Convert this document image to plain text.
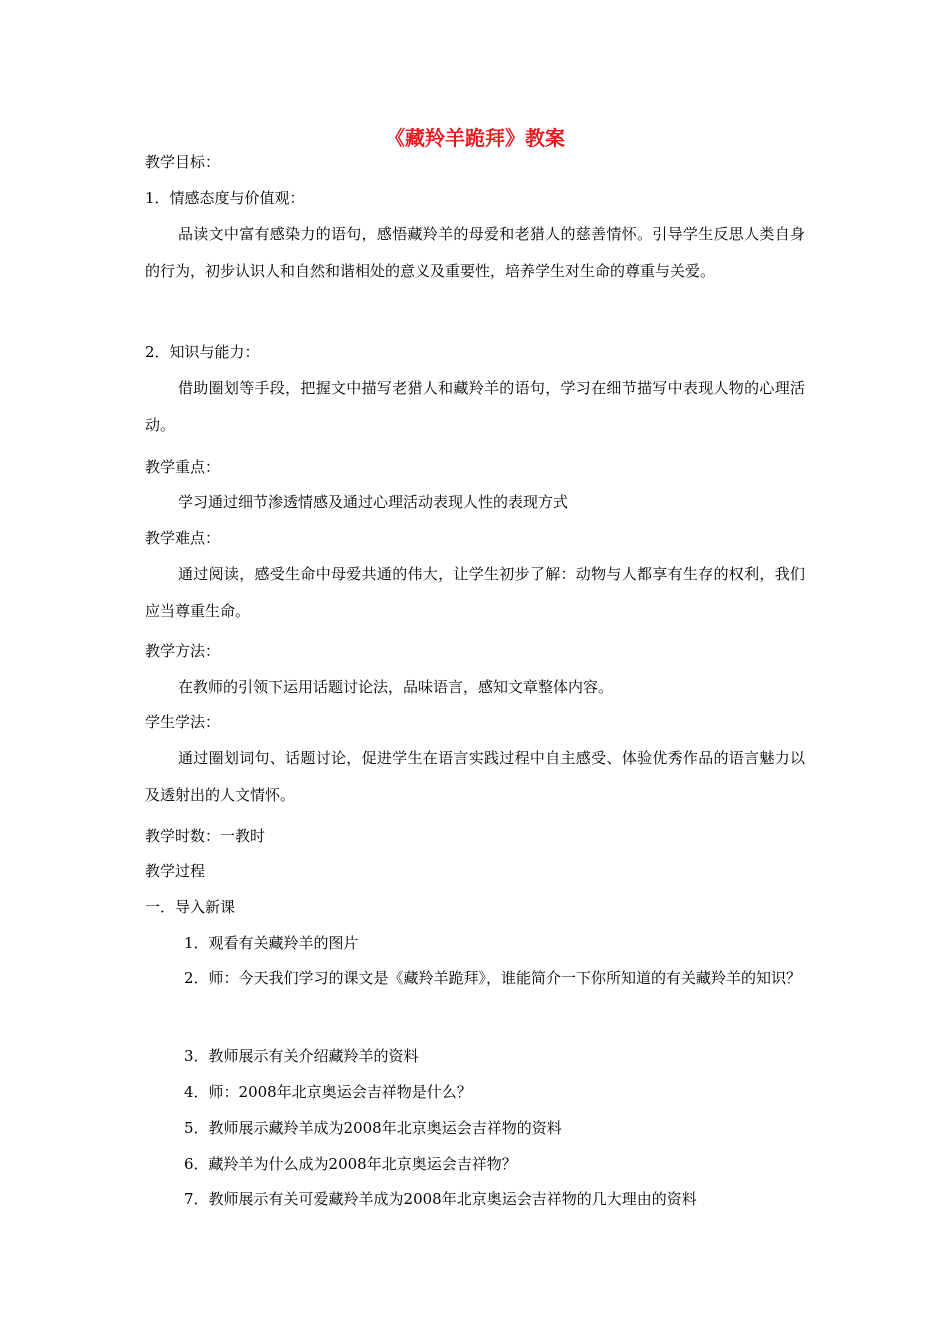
《藏羚羊跪拜》教案
教学目标：
1．情感态度与价值观：
品读文中富有感染力的语句，感悟藏羚羊的母爱和老猎人的慈善情怀。引导学生反思人类自身的行为，初步认识人和自然和谐相处的意义及重要性，培养学生对生命的尊重与关爱。
2．知识与能力：
借助圈划等手段，把握文中描写老猎人和藏羚羊的语句，学习在细节描写中表现人物的心理活动。
教学重点：
学习通过细节渗透情感及通过心理活动表现人性的表现方式
教学难点：
通过阅读，感受生命中母爱共通的伟大，让学生初步了解：动物与人都享有生存的权利，我们应当尊重生命。
教学方法：
在教师的引领下运用话题讨论法，品味语言，感知文章整体内容。
学生学法：
通过圈划词句、话题讨论，促进学生在语言实践过程中自主感受、体验优秀作品的语言魅力以及透射出的人文情怀。
教学时数：一教时
教学过程
一．导入新课
1．观看有关藏羚羊的图片
2．师：今天我们学习的课文是《藏羚羊跪拜》，谁能简介一下你所知道的有关藏羚羊的知识？
3．教师展示有关介绍藏羚羊的资料
4．师：2008年北京奥运会吉祥物是什么？
5．教师展示藏羚羊成为2008年北京奥运会吉祥物的资料
6．藏羚羊为什么成为2008年北京奥运会吉祥物？
7．教师展示有关可爱藏羚羊成为2008年北京奥运会吉祥物的几大理由的资料
